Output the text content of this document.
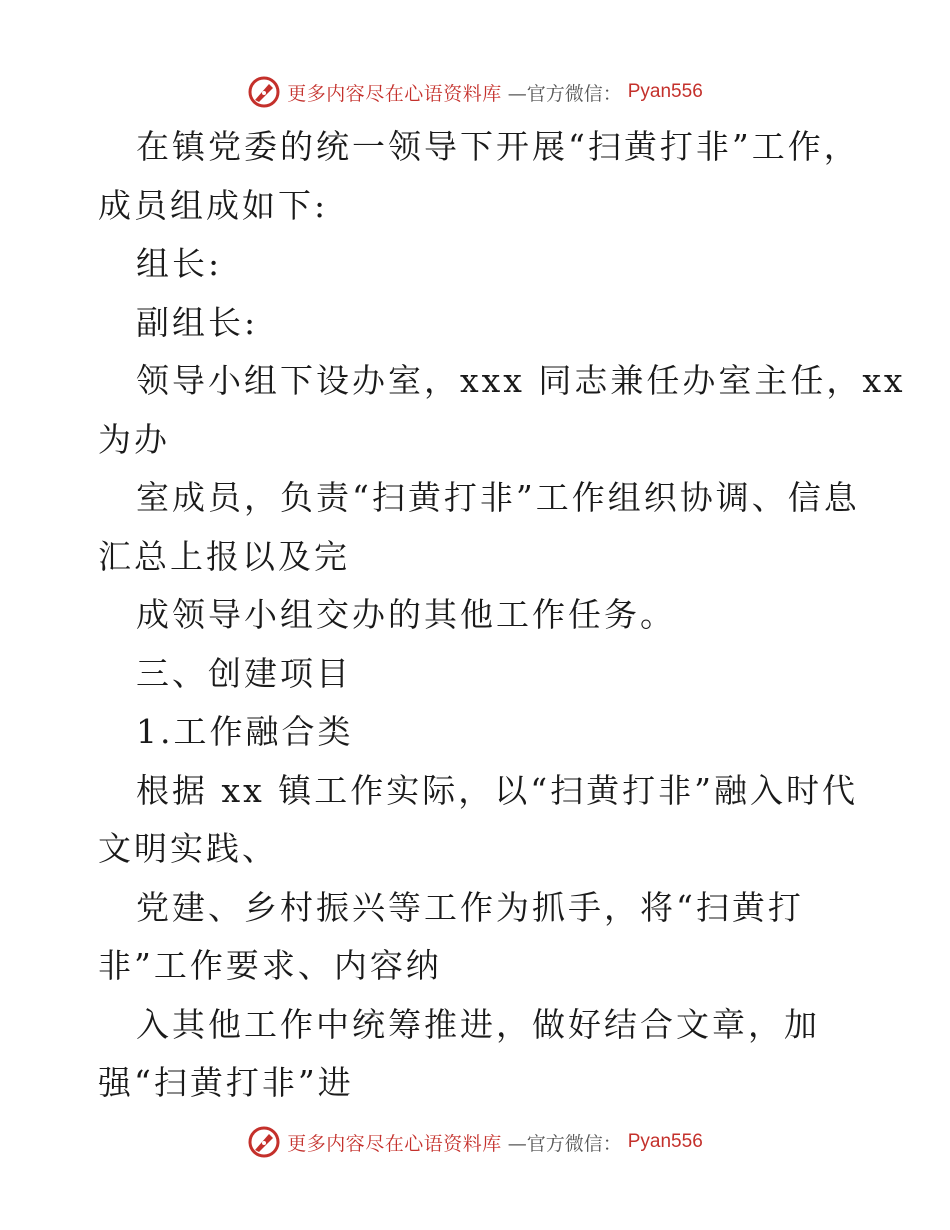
更多内容尽在心语资料库 —官方微信： Pyan556
在镇党委的统一领导下开展“扫黄打非”工作，
成员组成如下:
组长:
副组长:
领导小组下设办室，xxx 同志兼任办室主任，xx
为办
室成员，负责“扫黄打非”工作组织协调、信息
汇总上报以及完
成领导小组交办的其他工作任务。
三、创建项目
1.工作融合类
根据 xx 镇工作实际，以“扫黄打非”融入时代
文明实践、
党建、乡村振兴等工作为抓手，将“扫黄打
非”工作要求、内容纳
入其他工作中统筹推进，做好结合文章，加
强“扫黄打非”进
更多内容尽在心语资料库 —官方微信： Pyan556
